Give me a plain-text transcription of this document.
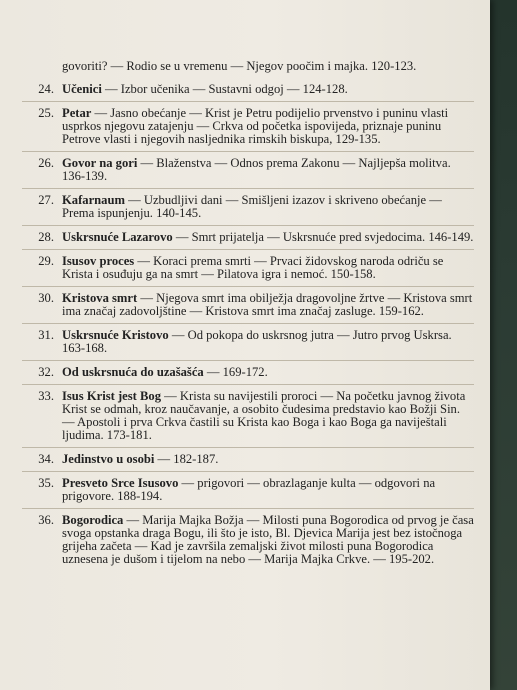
govoriti? — Rodio se u vremenu — Njegov poočim i majka. 120-123.
24. Učenici — Izbor učenika — Sustavni odgoj — 124-128.
25. Petar — Jasno obećanje — Krist je Petru podijelio prvenstvo i puninu vlasti usprkos njegovu zatajenju — Crkva od početka ispovijeda, priznaje puninu Petrove vlasti i njegovih nasljednika rimskih biskupa, 129-135.
26. Govor na gori — Blaženstva — Odnos prema Zakonu — Najljepša molitva. 136-139.
27. Kafarnaum — Uzbudljivi dani — Smišljeni izazov i skriveno obećanje — Prema ispunjenju. 140-145.
28. Uskrsnuće Lazarovo — Smrt prijatelja — Uskrsnuće pred svjedocima. 146-149.
29. Isusov proces — Koraci prema smrti — Prvaci židovskog naroda odriču se Krista i osuđuju ga na smrt — Pilatova igra i nemoć. 150-158.
30. Kristova smrt — Njegova smrt ima obilježja dragovoljne žrtve — Kristova smrt ima značaj zadovoljštine — Kristova smrt ima značaj zasluge. 159-162.
31. Uskrsnuće Kristovo — Od pokopa do uskrsnog jutra — Jutro prvog Uskrsa. 163-168.
32. Od uskrsnuća do uzašašća — 169-172.
33. Isus Krist jest Bog — Krista su navijestili proroci — Na početku javnog života Krist se odmah, kroz naučavanje, a osobito čudesima predstavio kao Božji Sin. — Apostoli i prva Crkva častili su Krista kao Boga i kao Boga ga naviještali ljudima. 173-181.
34. Jedinstvo u osobi — 182-187.
35. Presveto Srce Isusovo — prigovori — obrazlaganje kulta — odgovori na prigovore. 188-194.
36. Bogorodica — Marija Majka Božja — Milosti puna Bogorodica od prvog je časa svoga opstanka draga Bogu, ili što je isto, Bl. Djevica Marija jest bez istočnoga grijeha začeta — Kad je završila zemaljski život milosti puna Bogorodica uznesena je dušom i tijelom na nebo — Marija Majka Crkve. — 195-202.
